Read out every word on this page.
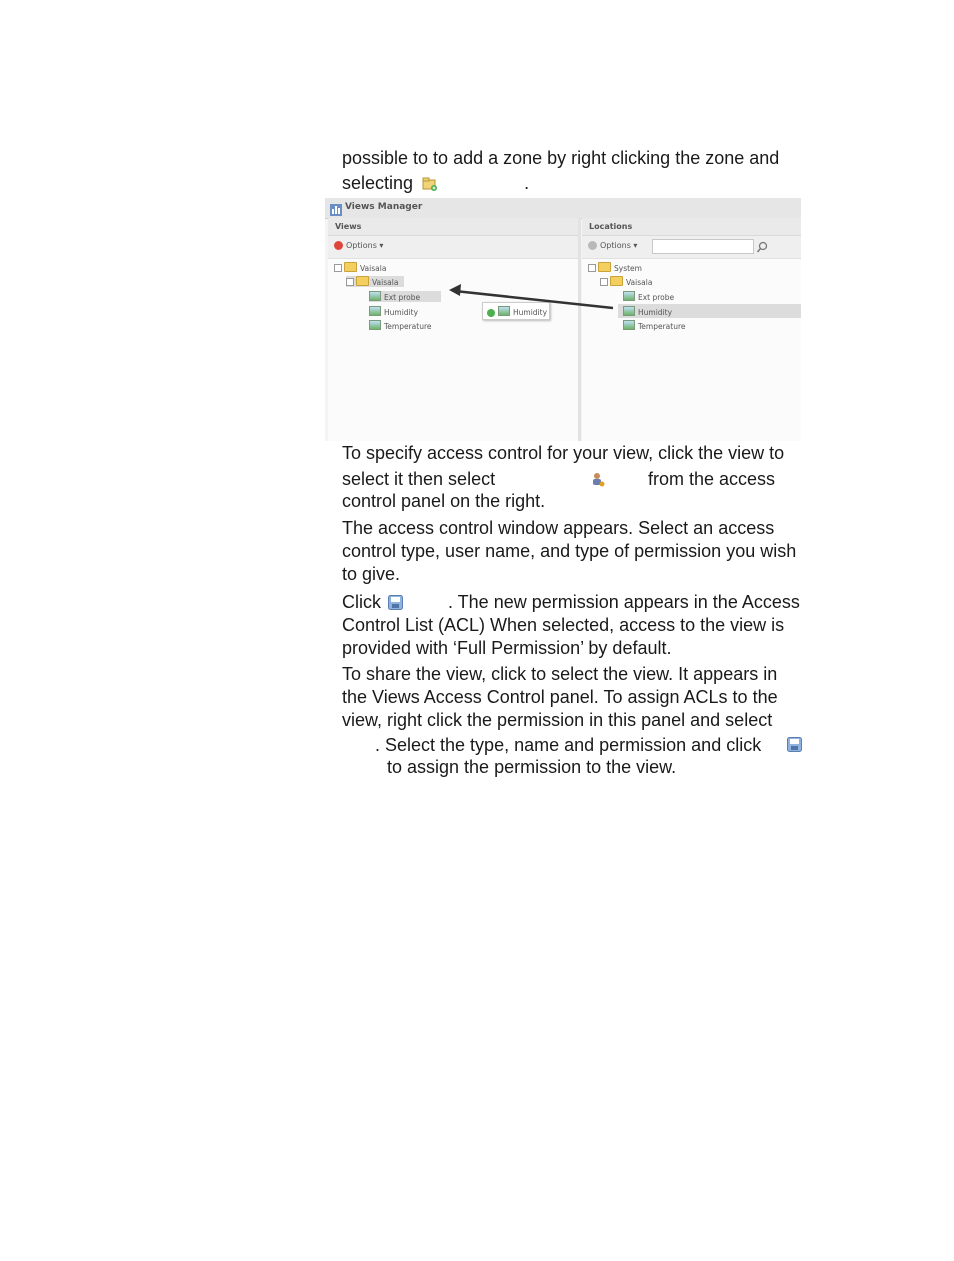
possible to to add a zone by right clicking the zone and
selecting	.
Views Manager
Views
Options ▾
Vaisala
Vaisala
Ext probe
Humidity
Temperature
Humidity
Locations
Options ▾
System
Vaisala
Ext probe
Humidity
Temperature
To specify access control for your view, click the view to
select it then select	from the access
control panel on the right.
The access control window appears. Select an access
control type, user name, and type of permission you wish
to give.
Click	. The new permission appears in the Access
Control List (ACL) When selected, access to the view is
provided with ‘Full Permission’ by default.
To share the view, click to select the view. It appears in
the Views Access Control panel. To assign ACLs to the
view, right click the permission in this panel and select
. Select the type, name and permission and click
to assign the permission to the view.
